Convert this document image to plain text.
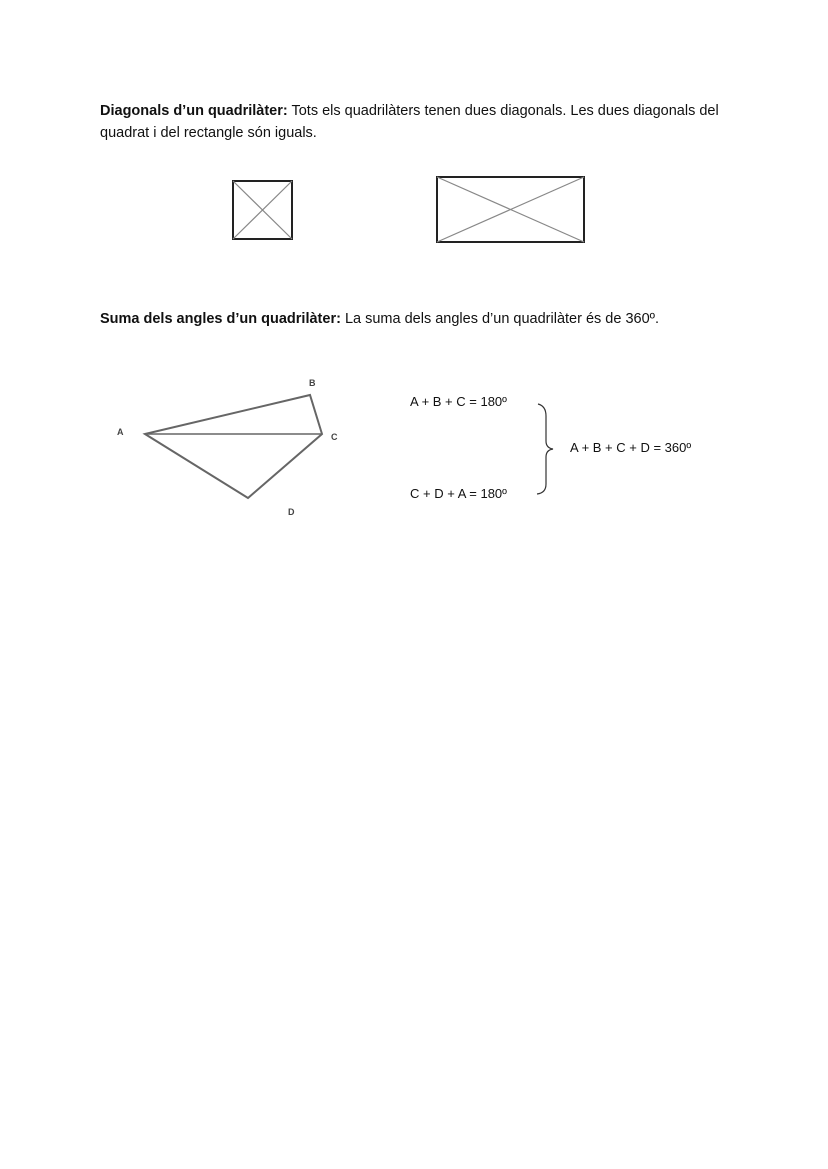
Diagonals d’un quadrilàter: Tots els quadrilàters tenen dues diagonals. Les dues diagonals del quadrat i del rectangle són iguals.

Suma dels angles d’un quadrilàter: La suma dels angles d’un quadrilàter és de 360º.

A
B
C
D
A + B + C = 180º
C + D + A = 180º
A + B + C + D = 360º
